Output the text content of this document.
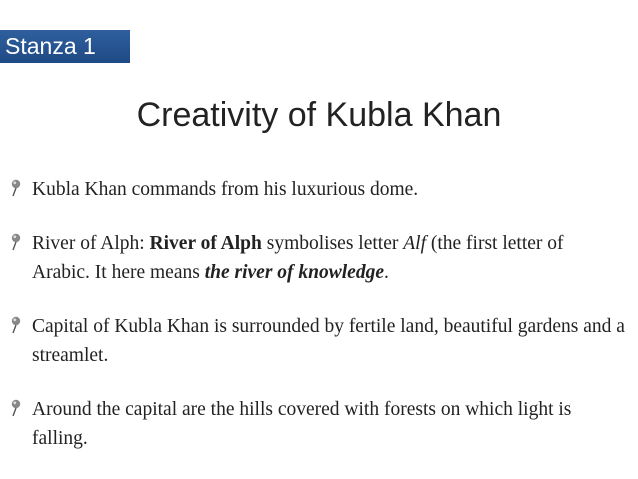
Stanza 1
Creativity of Kubla Khan
Kubla Khan commands from his luxurious dome.
River of Alph: River of Alph symbolises letter Alf (the first letter of Arabic. It here means the river of knowledge.
Capital of Kubla Khan is surrounded by fertile land, beautiful gardens and a streamlet.
Around the capital are the hills covered with forests on which light is falling.
